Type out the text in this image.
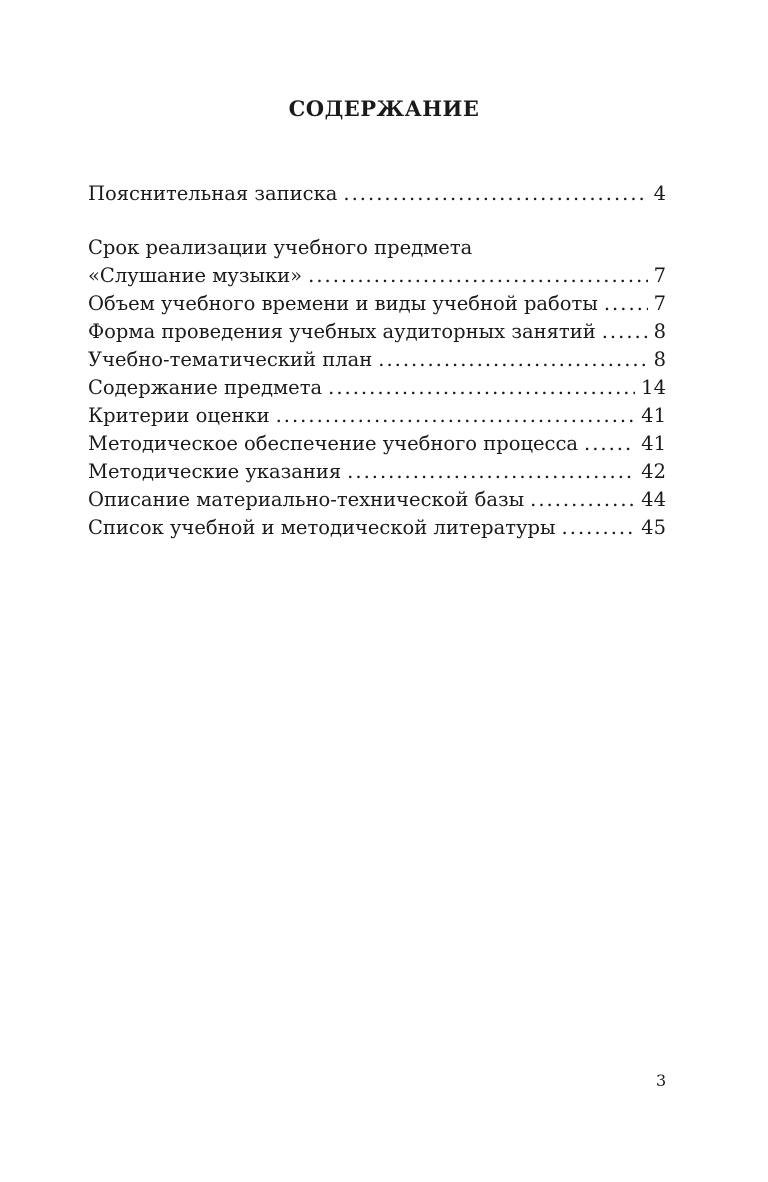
СОДЕРЖАНИЕ
Пояснительная записка .....	4
Срок реализации учебного предмета
«Слушание музыки» .....	7
Объем учебного времени и виды учебной работы .....	7
Форма проведения учебных аудиторных занятий .....	8
Учебно-тематический план .....	8
Содержание предмета .....	14
Критерии оценки .....	41
Методическое обеспечение учебного процесса .....	41
Методические указания .....	42
Описание материально-технической базы .....	44
Список учебной и методической литературы .....	45
3
